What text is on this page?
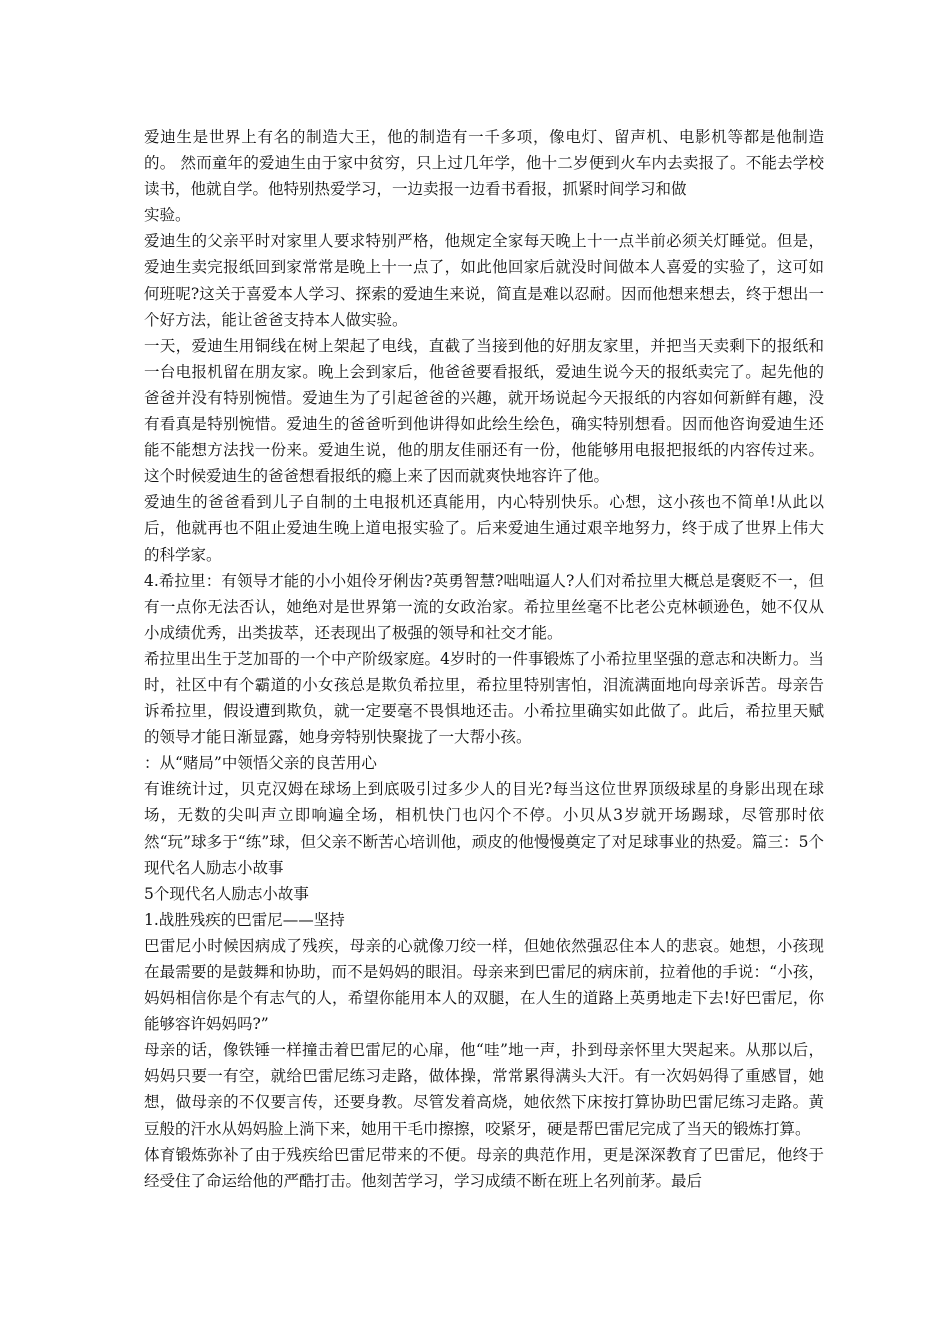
爱迪生是世界上有名的制造大王，他的制造有一千多项，像电灯、留声机、电影机等都是他制造的。 然而童年的爱迪生由于家中贫穷，只上过几年学，他十二岁便到火车内去卖报了。不能去学校读书，他就自学。他特别热爱学习，一边卖报一边看书看报，抓紧时间学习和做

实验。

爱迪生的父亲平时对家里人要求特别严格，他规定全家每天晚上十一点半前必须关灯睡觉。但是，爱迪生卖完报纸回到家常常是晚上十一点了，如此他回家后就没时间做本人喜爱的实验了，这可如何班呢?这关于喜爱本人学习、探索的爱迪生来说，简直是难以忍耐。因而他想来想去，终于想出一个好方法，能让爸爸支持本人做实验。

一天，爱迪生用铜线在树上架起了电线，直截了当接到他的好朋友家里，并把当天卖剩下的报纸和一台电报机留在朋友家。晚上会到家后，他爸爸要看报纸，爱迪生说今天的报纸卖完了。起先他的爸爸并没有特别惋惜。爱迪生为了引起爸爸的兴趣，就开场说起今天报纸的内容如何新鲜有趣，没有看真是特别惋惜。爱迪生的爸爸听到他讲得如此绘生绘色，确实特别想看。因而他咨询爱迪生还能不能想方法找一份来。爱迪生说，他的朋友佳丽还有一份，他能够用电报把报纸的内容传过来。这个时候爱迪生的爸爸想看报纸的瘾上来了因而就爽快地容许了他。

爱迪生的爸爸看到儿子自制的土电报机还真能用，内心特别快乐。心想，这小孩也不简单!从此以后，他就再也不阻止爱迪生晚上道电报实验了。后来爱迪生通过艰辛地努力，终于成了世界上伟大的科学家。

4.希拉里：有领导才能的小小姐伶牙俐齿?英勇智慧?咄咄逼人?人们对希拉里大概总是褒贬不一，但有一点你无法否认，她绝对是世界第一流的女政治家。希拉里丝毫不比老公克林顿逊色，她不仅从小成绩优秀，出类拔萃，还表现出了极强的领导和社交才能。

希拉里出生于芝加哥的一个中产阶级家庭。4岁时的一件事锻炼了小希拉里坚强的意志和决断力。当时，社区中有个霸道的小女孩总是欺负希拉里，希拉里特别害怕，泪流满面地向母亲诉苦。母亲告诉希拉里，假设遭到欺负，就一定要毫不畏惧地还击。小希拉里确实如此做了。此后，希拉里天赋的领导才能日渐显露，她身旁特别快聚拢了一大帮小孩。

：从“赌局”中领悟父亲的良苦用心

有谁统计过，贝克汉姆在球场上到底吸引过多少人的目光?每当这位世界顶级球星的身影出现在球场，无数的尖叫声立即响遍全场，相机快门也闪个不停。小贝从3岁就开场踢球，尽管那时依然“玩”球多于“练”球，但父亲不断苦心培训他，顽皮的他慢慢奠定了对足球事业的热爱。篇三：5个现代名人励志小故事

5个现代名人励志小故事

1.战胜残疾的巴雷尼——坚持

巴雷尼小时候因病成了残疾，母亲的心就像刀绞一样，但她依然强忍住本人的悲哀。她想，小孩现在最需要的是鼓舞和协助，而不是妈妈的眼泪。母亲来到巴雷尼的病床前，拉着他的手说：“小孩，妈妈相信你是个有志气的人，希望你能用本人的双腿，在人生的道路上英勇地走下去!好巴雷尼，你能够容许妈妈吗?”

母亲的话，像铁锤一样撞击着巴雷尼的心扉，他“哇”地一声，扑到母亲怀里大哭起来。从那以后，妈妈只要一有空，就给巴雷尼练习走路，做体操，常常累得满头大汗。有一次妈妈得了重感冒，她想，做母亲的不仅要言传，还要身教。尽管发着高烧，她依然下床按打算协助巴雷尼练习走路。黄豆般的汗水从妈妈脸上淌下来，她用干毛巾擦擦，咬紧牙，硬是帮巴雷尼完成了当天的锻炼打算。

体育锻炼弥补了由于残疾给巴雷尼带来的不便。母亲的典范作用，更是深深教育了巴雷尼，他终于经受住了命运给他的严酷打击。他刻苦学习，学习成绩不断在班上名列前茅。最后
